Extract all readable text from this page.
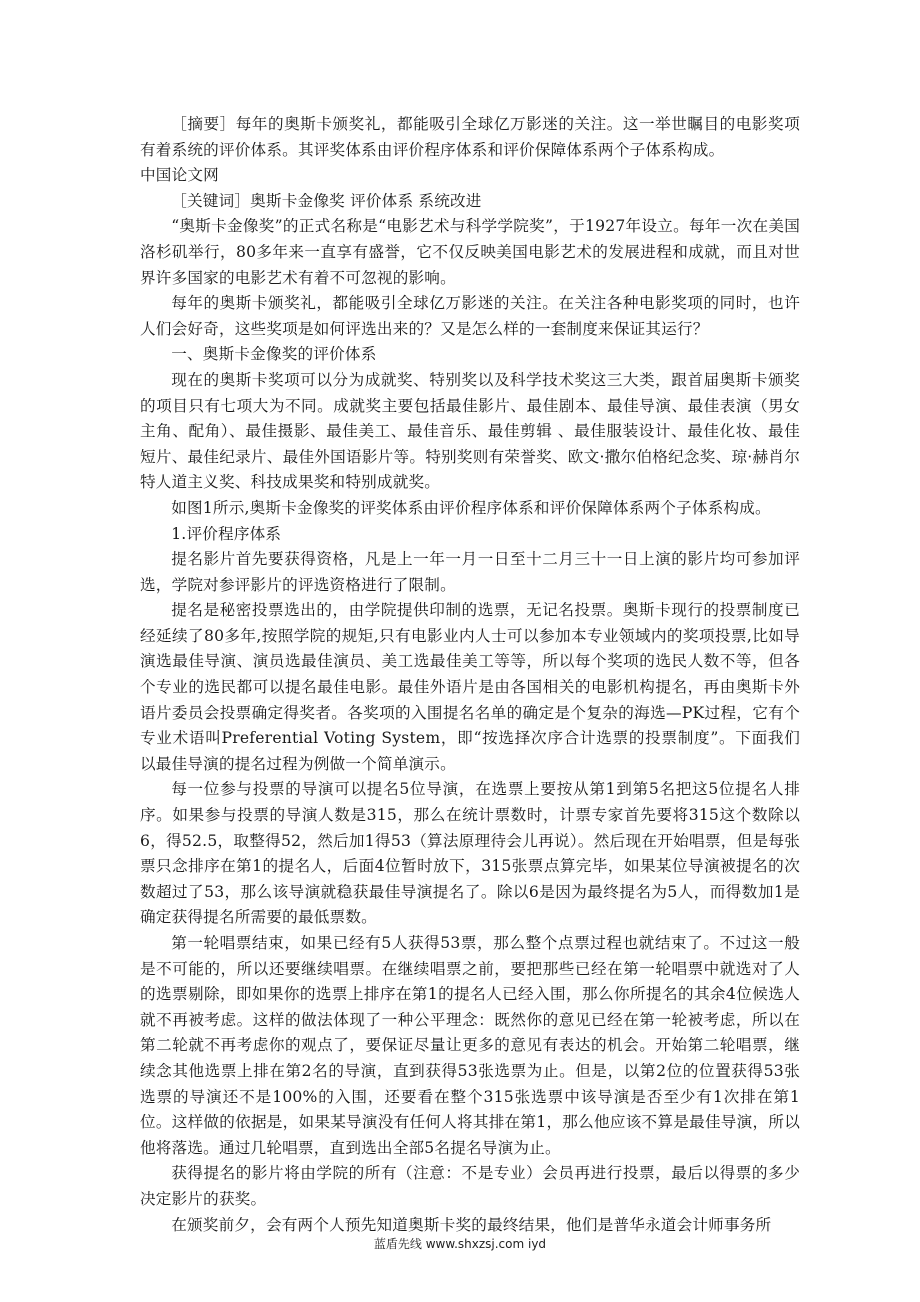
［摘要］每年的奥斯卡颁奖礼，都能吸引全球亿万影迷的关注。这一举世瞩目的电影奖项有着系统的评价体系。其评奖体系由评价程序体系和评价保障体系两个子体系构成。

中国论文网

［关键词］奥斯卡金像奖 评价体系 系统改进

“奥斯卡金像奖”的正式名称是“电影艺术与科学学院奖”，于1927年设立。每年一次在美国洛杉矶举行，80多年来一直享有盛誉，它不仅反映美国电影艺术的发展进程和成就，而且对世界许多国家的电影艺术有着不可忽视的影响。

每年的奥斯卡颁奖礼，都能吸引全球亿万影迷的关注。在关注各种电影奖项的同时，也许人们会好奇，这些奖项是如何评选出来的？又是怎么样的一套制度来保证其运行？

一、奥斯卡金像奖的评价体系

现在的奥斯卡奖项可以分为成就奖、特别奖以及科学技术奖这三大类，跟首届奥斯卡颁奖的项目只有七项大为不同。成就奖主要包括最佳影片、最佳剧本、最佳导演、最佳表演（男女主角、配角）、最佳摄影、最佳美工、最佳音乐、最佳剪辑 、最佳服装设计、最佳化妆、最佳短片、最佳纪录片、最佳外国语影片等。特别奖则有荣誉奖、欧文·撒尔伯格纪念奖、琼·赫肖尔特人道主义奖、科技成果奖和特别成就奖。

如图1所示,奥斯卡金像奖的评奖体系由评价程序体系和评价保障体系两个子体系构成。

1.评价程序体系

提名影片首先要获得资格，凡是上一年一月一日至十二月三十一日上演的影片均可参加评选，学院对参评影片的评选资格进行了限制。

提名是秘密投票选出的，由学院提供印制的选票，无记名投票。奥斯卡现行的投票制度已经延续了80多年,按照学院的规矩,只有电影业内人士可以参加本专业领域内的奖项投票,比如导演选最佳导演、演员选最佳演员、美工选最佳美工等等，所以每个奖项的选民人数不等，但各个专业的选民都可以提名最佳电影。最佳外语片是由各国相关的电影机构提名，再由奥斯卡外语片委员会投票确定得奖者。各奖项的入围提名名单的确定是个复杂的海选—PK过程，它有个专业术语叫Preferential Voting System，即“按选择次序合计选票的投票制度”。下面我们以最佳导演的提名过程为例做一个简单演示。

每一位参与投票的导演可以提名5位导演，在选票上要按从第1到第5名把这5位提名人排序。如果参与投票的导演人数是315，那么在统计票数时，计票专家首先要将315这个数除以6，得52.5，取整得52，然后加1得53（算法原理待会儿再说）。然后现在开始唱票，但是每张票只念排序在第1的提名人，后面4位暂时放下，315张票点算完毕，如果某位导演被提名的次数超过了53，那么该导演就稳获最佳导演提名了。除以6是因为最终提名为5人，而得数加1是确定获得提名所需要的最低票数。

第一轮唱票结束，如果已经有5人获得53票，那么整个点票过程也就结束了。不过这一般是不可能的，所以还要继续唱票。在继续唱票之前，要把那些已经在第一轮唱票中就选对了人的选票剔除，即如果你的选票上排序在第1的提名人已经入围，那么你所提名的其余4位候选人就不再被考虑。这样的做法体现了一种公平理念：既然你的意见已经在第一轮被考虑，所以在第二轮就不再考虑你的观点了，要保证尽量让更多的意见有表达的机会。开始第二轮唱票，继续念其他选票上排在第2名的导演，直到获得53张选票为止。但是，以第2位的位置获得53张选票的导演还不是100%的入围，还要看在整个315张选票中该导演是否至少有1次排在第1位。这样做的依据是，如果某导演没有任何人将其排在第1，那么他应该不算是最佳导演，所以他将落选。通过几轮唱票，直到选出全部5名提名导演为止。

获得提名的影片将由学院的所有（注意：不是专业）会员再进行投票，最后以得票的多少决定影片的获奖。

在颁奖前夕，会有两个人预先知道奥斯卡奖的最终结果，他们是普华永道会计师事务所

蓝盾先线 www.shxzsj.com iyd
